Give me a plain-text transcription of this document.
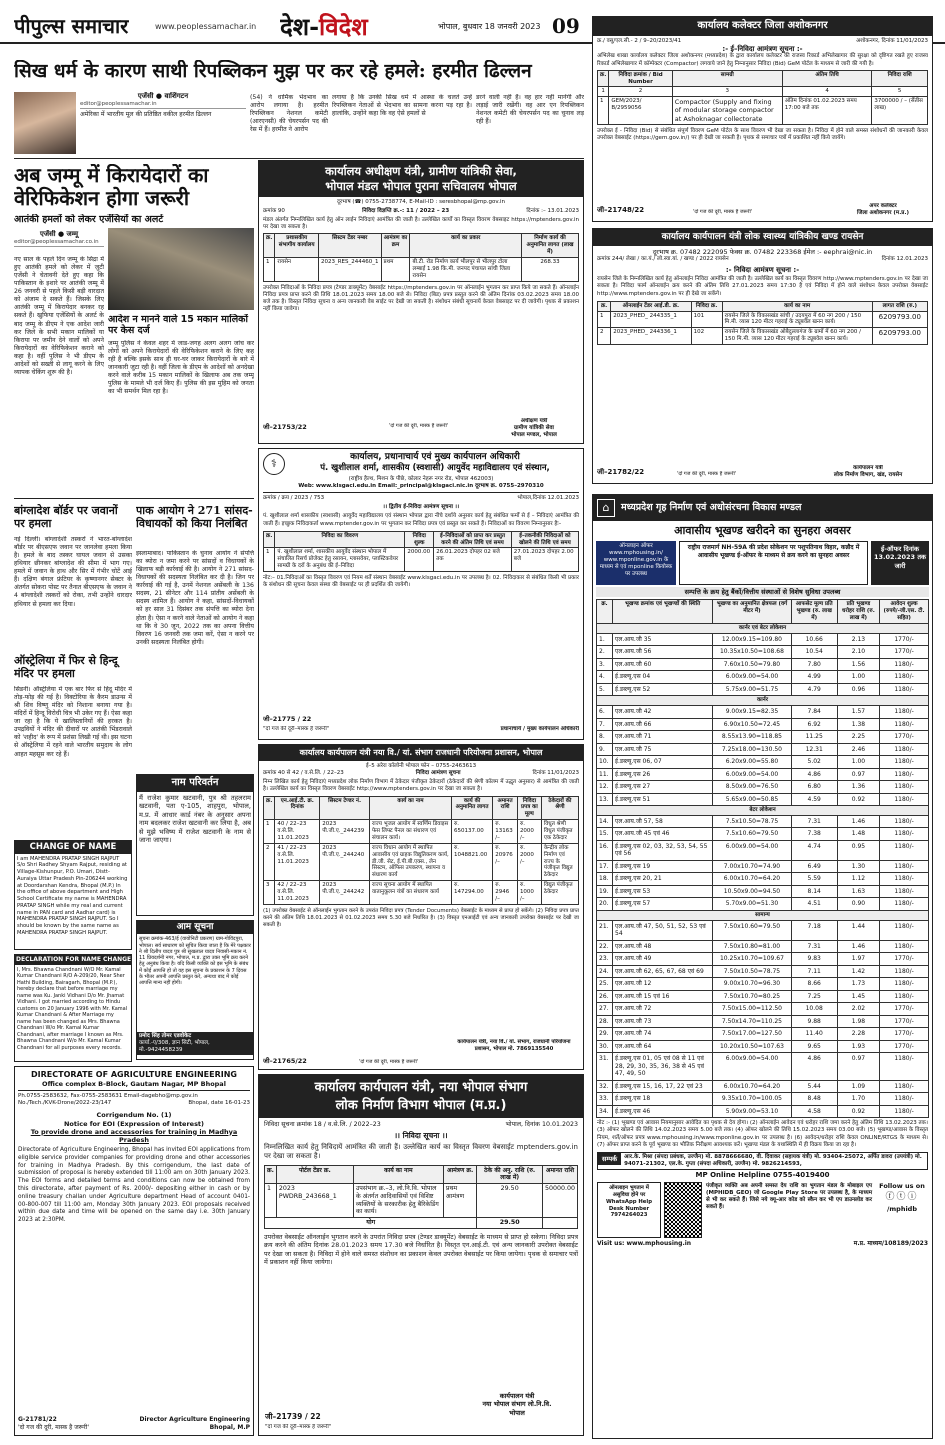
पीपुल्स समाचार	www.peoplessamachar.in देश-विदेश	भोपाल, बुधवार 18 जनवरी 2023 09
सिख धर्म के कारण साथी रिपब्लिकन मुझ पर कर रहे हमले: हरमीत ढिल्लन
एजेंसी ● वाशिंगटन
editor@peoplessamachar.in
अमेरिका में भारतीय मूल की प्रतिष्ठित वकील हरमीत ढिल्लन
(54) ने धार्मिक भेदभाव का आरोप लगाया है। हरमीत रिपब्लिकन नेशनल कमेटी (आरएनसी) की चेयरपर्सन पद की रेस में हैं। हरमीत ने आरोप
लगाया है कि उनकी सिख धर्म में आस्था के चलते उन्हें रिपब्लिकन नेताओं से भेदभाव का सामना करना पड़ रहा है। हालांकि, उन्होंने कहा कि वह ऐसे हमलों से
डरने वाली नहीं हैं। वह हार नहीं मानेंगी और लड़ाई जारी रखेंगी। वह आर एन रिपब्लिकन नेशनल कमेटी की चेयरपर्सन पद का चुनाव लड़ रही हैं।
अब जम्मू में किरायेदारों का वेरिफिकेशन होगा जरूरी
आतंकी हमलों को लेकर एजेंसियों का अलर्ट
एजेंसी ● जम्मू
editor@peoplessamachar.co.in
नए साल के पहले दिन जम्मू के सिद्रा में हुए आतंकी हमले को लेकर में जुटी एजेंसी ने चेतावनी देते हुए कहा कि पाकिस्तान के इशारे पर आतंकी जम्मू में 26 जनवरी से पहले किसी बड़ी वारदात को अंजाम दे सकते हैं। जिसके लिए आतंकी जम्मू में किरायेदार बनकर रह सकते हैं। खुफिया एजेंसियों के अलर्ट के बाद जम्मू के डीएम ने एक आदेश जारी कर जिले के सभी मकान मालिकों या किराया पर जमीन देने वालों को अपने किरायेदारों का वेरिफिकेशन कराने को कहा है। वहीं पुलिस ने भी डीएम के आदेशों को सख्ती से लागू करने के लिए व्यापक चेकिंग शुरू की है।
आदेश न मानने वाले 15 मकान मालिकों पर केस दर्ज
जम्मू पुलिस ने केवल शहर में जाड-जगह अलग अलग जांच कर लोगों को अपने किरायेदारों की वेरिफिकेशन कराने के लिए कह रही है बल्कि इसके साथ ही घर-घर जाकर किरायेदारों के बारे में जानकारी जुटा रही है। वहीं जिला के डीएम के आदेशों को अनदेखा करने वाले करीब 15 मकान मालिकों के खिलाफ अब तक जम्मू पुलिस के मामले भी दर्ज किए हैं। पुलिस की इस मुहिम को जनता का भी समर्थन मिल रहा है।
बांग्लादेश बॉर्डर पर जवानों पर हमला
नई दिल्ली। बांग्लादेशी तस्करों ने भारत-बांग्लादेश बॉर्डर पर बीएसएफ जवान पर जानलेवा हमला किया है। हमले के बाद तस्कर घायल जवान से उसका हथियार छीनकर बांग्लादेश की सीमा में भाग गए। हमले में जवान के हाथ और सिर में गंभीर चोटें आई हैं। दक्षिण बंगाल फ्रंटियर के कृष्णानगर सेक्टर के अंतर्गत सोकरा पोस्ट पर तैनात बीएसएफ के जवान ने 4 बांग्लादेशी तस्करों को रोका, तभी उन्होंने धारदार हथियार से हमला कर दिया।
ऑस्ट्रेलिया में फिर से हिन्दू मंदिर पर हमला
सिडनी। ऑस्ट्रेलिया में एक बार फिर से हिंदू मंदिर में तोड़-फोड़ की गई है। विक्टोरिया के कैरम डाउन्स में श्री शिव विष्णु मंदिर को निशाना बनाया गया है। मंदिरों में हिन्दू विरोधी चित्र भी उकेर गए हैं। ऐसा कहा जा रहा है कि ये खालिस्तानियों की हरकत है। उपद्रवियों ने मंदिर की दीवारों पर आतंकी भिंडरावाले को 'शहीद' के रूप में प्रशंसा लिखी गई थी। इस घटना से ऑस्ट्रेलिया में रहने वाले भारतीय समुदाय के लोग आहत महसूस कर रहे हैं।
पाक आयोग ने 271 सांसद-विधायकों को किया निलंबित
इस्लामाबाद। पाकिस्तान के चुनाव आयोग ने संपत्ति का ब्योरा न जमा करने पर सांसदों व विधायकों के खिलाफ बड़ी कार्रवाई की है। आयोग ने 271 सांसद-विधायकों की सदस्यता निलंबित कर दी है। जिन पर कार्रवाई की गई है, उनमें नेशनल असेंबली के 136 सदस्य, 21 सीनेटर और 114 प्रांतीय असेंबली के सदस्य शामिल हैं। आयोग ने कहा, सांसदों-विधायकों को हर साल 31 दिसंबर तक संपत्ति का ब्योरा देना होता है। ऐसा न करने वाले नेताओं को आयोग ने कहा था कि वे 30 जून, 2022 तक का अपना वित्तीय विवरण 16 जनवरी तक जमा करें, ऐसा न करने पर उनकी सदस्यता निलंबित होगी।
नाम परिवर्तन
मैं राजेश कुमार खटवानी, पुत्र श्री तहलराम खटवानी, पता ए-105, शाहपुरा, भोपाल, म.प्र. में आधार कार्ड नंबर के अनुसार अपना नाम बदलकर राजेश खटवानी कर लिया है, अब से मुझे भविष्य में राजेश खटवानी के नाम से जाना जाएगा।
आम सूचना
सूचना क्रमांक-463/ई (वायोनिटी प्रकरण) ग्राम-गोविंदपुरा, भोपाल। सर्व साधारण को सूचित किया जाता है कि मेरे पक्षकार ने श्री दिलीप यादव पुत्र श्री सुखलाल यादव निवासी-मकान नं. 11 प्रियदर्शनी नगर, भोपाल, म.प्र. द्वारा उक्त भूमि क्रय करने हेतु अनुबंध किया है। यदि किसी व्यक्ति को इस भूमि के संबंध में कोई आपत्ति हो तो वह इस सूचना के प्रकाशन के 7 दिवस के भीतर अपनी आपत्ति प्रस्तुत करे, अन्यथा बाद में कोई आपत्ति मान्य नहीं होगी।
प्रमोद सिंह तोमर एडवोकेट
कार्या.-ए/308, ज्ञान सिटी, भोपाल, मो.-9424458239
CHANGE OF NAME
I am MAHENDRA PRATAP SINGH RAJPUT S/o Shri Radhey Shyam Rajput, residing at Village-Kishunpur, P.O. Umari, Distt-Auraiya Uttar Pradesh Pin-206244 working at Doordarshan Kendra, Bhopal (M.P.) In the office of above department and High School Certificate my name is MAHENDRA PRATAP SINGH while my real and current name in PAN card and Aadhar card) is MAHENDRA PRATAP SINGH RAJPUT. So I should be known by the same name as MAHENDRA PRATAP SINGH RAJPUT.
DECLARATION FOR NAME CHANGE
I, Mrs. Bhawna Chandnani W/O Mr. Kamal Kumar Chandnani R/O A-209/20, Near Sher Hathi Building, Bairagarh, Bhopal (M.P.), hereby declare that before marriage my name was Ku. Janki Vidhani D/o Mr. Jhamat Vidhani. I got married according to Hindu customs on 20 January 1996 with Mr. Kamal Kumar Chandnani & After Marriage my name has been changed as Mrs. Bhawna Chandnani W/o Mr. Kamal Kumar Chandnani, after marriage I known as Mrs. Bhawna Chandnani W/o Mr. Kamal Kumar Chandnani for all purposes every records.
DIRECTORATE OF AGRICULTURE ENGINEERING
Office complex B-Block, Gautam Nagar, MP Bhopal
Ph.0755-2583632, Fax-0755-2583631 Email-dagebho@mp.gov.in
No./Tech./KVK-Drone/2022-23/147	Bhopal, date 16-01-23
Corrigendum No. (1)
Notice for EOI (Expression of Interest)
To provide drone and accessories for training in Madhya Pradesh
Directorate of Agriculture Engineering, Bhopal has invited EOI applications from eligible service provider companies for providing drone and other accessories for training in Madhya Pradesh. By this corrigendum, the last date of submission of proposal is hereby extended till 11:00 am on 30th January 2023. The EOI forms and detailed terms and conditions can now be obtained from this directorate, after payment of Rs. 2000/- depositing either in cash or by online treasury challan under Agriculture department Head of account 0401-00-800-007 till 11:00 am, Monday 30th January 2023. EOI proposals received within due date and time will be opened on the same day i.e. 30th January 2023 at 2:30PM.
G-21781/22
'दो गज की दूरी, मास्क है जरूरी'
Director Agriculture Engineering
Bhopal, M.P
कार्यालय अधीक्षण यंत्री, ग्रामीण यांत्रिकी सेवा,
भोपाल मंडल भोपाल पुराना सचिवालय भोपाल
दूरभाष (☎) 0755-2738774, E-Mail-ID : seresbhopal@mp.gov.in
क्रमांक 90	निविदा विज्ञप्ति क्र.-: 11 / 2022 – 23	दिनांक :– 13.01.2023
मंडल अंतर्गत निम्नलिखित कार्य हेतु ऑन लाईन निविदाएं आमंत्रित की जाती है। उल्लेखित कार्यों का विस्तृत विवरण वेबसाइट https://mptenders.gov.in पर देखा जा सकता है।
क्र.	प्रशासकीय संभागीय कार्यालय	सिस्टम टेंडर नम्बर	आमंत्रण का क्रम	कार्य का प्रकार	निर्माण कार्य की अनुमानित लागत (लाख में)
1	रायसेन	2023_RES_244460_1	प्रथम	बी.टी. रोड निर्माण कार्य भीलपुर से भीलपुर टोला लम्बाई 1.98 कि.मी. जनपद पंचायत सांची जिला रायसेन	268.33
उपरोक्त निविदाओं के निविदा प्रपत्र (टेण्डर डाक्यूमेंट) वेबसाईट https://mptenders.gov.in पर ऑनलाईन भुगतान कर प्राप्त किये जा सकते हैं। ऑनलाईन निविदा प्रपत्र प्राप्त करने की तिथि 18.01.2023 समय 18.00 बजे से। निविदा (बिड) प्रपत्र प्रस्तुत करने की अंतिम दिनांक 03.02.2023 समय 18.00 बजे तक है। विस्तृत निविदा सूचना व अन्य जानकारी वेब साईट पर देखी जा सकती है। संशोधन संबंधी सूचनायें केवल वेबसाइट पर दी जावेगी। पृथक से प्रकाशन नहीं किया जावेगा।
जी–21753/22	'दो गज की दूरी, मास्क है जरूरी'
अधीक्षण यंत्री
ग्रामीण यांत्रिकी सेवा
भोपाल मण्डल, भोपाल
⚕	कार्यालय, प्रधानाचार्य एवं मुख्य कार्यपालन अधिकारी
पं. खुशीलाल शर्मा, शासकीय (स्वशासी) आयुर्वेद महाविद्यालय एवं संस्थान,
(राष्ट्रीय हैल्थ, मिशन के पीछे, कोलार नेहरू नगर रोड, भोपाल 462003)
Web: www.klsgaci.edu.in Email:_principal@klsgaci.nic.in दूरभाष क्र. 0755–2970310
क्रमांक / क्रय / 2023 / 753	भोपाल,दिनांक 12.01.2023
।। द्वितीय ई-निविदा आमंत्रण सूचना ।।
पं. खुशीलाल शर्मा शासकीय (स्वशासी) आयुर्वेद महाविद्यालय एवं संस्थान भोपाल द्वारा नीचे दर्शाये अनुसार कार्य हेतु संबंधित फर्मों से ई – निविदाएं आमंत्रित की जाती हैं। इच्छुक निविदाकर्ता www.mptender.gov.in पर भुगतान कर निविदा प्रपत्र एवं प्रस्तुत कर सकते हैं। निविदाओं का विवरण निम्नानुसार हैः–
क्र.	निविदा का विवरण	निविदा शुल्क	ई–निविदाओं को प्राप्त कर प्रस्तुत करने की अंतिम तिथि एवं समय	ई–तकनीकी निविदाओं को खोलने की तिथि एवं समय
1	पं. खुशीलाल शर्मा, शासकीय आयुर्वेद संस्थान भोपाल में संचालित रिसर्च प्रोजेक्ट हेतु रसायन, ग्लासवेयर, प्लास्टिकवेयर सामग्री के दरों के अनुबंध की ई–निविदा	2000.00	26.01.2023 दोपहर 02 बजे तक	27.01.2023 दोपहर 2.00 बजे
नोट:– 01.निविदाओं का विस्तृत विवरण एवं नियम शर्तें संस्थान वेबसाईट www.klsgaci.edu.in पर उपलब्ध है। 02. निविदाकार से संबंधित किसी भी प्रकार के संशोधन की सूचना केवल संस्था की वेबसाईट पर ही प्रदर्शित की जायेगी।
जी–21775 / 22
"दो गज की दूरी–मास्क है जरूरी"	प्रधानाचार्य / मुख्य कार्यपालन अधिकारी
कार्यालय कार्यपालन यंत्री नया वि./ यां. संभाग राजधानी परियोजना प्रशासन, भोपाल
ई–5 अरेरा कॉलोनी भोपाल फोन – 0755-2463613
क्रमांक 40 से 42 / व.से.लि. / 22–23	निविदा आमंत्रण सूचना	दिनांक 11/01/2023
निम्न लिखित कार्य हेतु निविदाएं मध्यप्रदेश लोक निर्माण विभाग में ठेकेदार पंजीकृत ठेकेदारों (ठेकेदारों की श्रेणी कॉलम में उद्धृत अनुसार) से आमंत्रित की जाती है। उल्लेखित कार्य का विस्तृत विवरण वेबसाईट http://www.mptenders.gov.in पर देखा जा सकता है।
क्र.	एन.आई.टी. क्र. दिनांक	सिस्टम टेण्डर नं.	कार्य का नाम	कार्य की अनुमानित लागत	अमानत राशि	निविदा प्रपत्र का मूल्य	ठेकेदारों की श्रेणी
1	40 / 22–23 व.से.लि. 11.01.2023	2023 पी.जी.ए._244239	राज्य भूजल आयोग में स्वर्णिम डिवाइस फेस लिफ्ट पैनल का संधारण एवं संचालन कार्य।	रु. 650137.00	रु. 13163 /–	रु. 2000 /–	विधुत श्रेणी विधुत पंजीकृत एक ठेकेदार
2	41 / 22–23 व.से.लि. 11.01.2023	2023 पी.जी.ए._244240	राज्य विधान आयोग में स्थापित आवासीय एवं ग्राहक विद्युतिकरण कार्य, डी.जी. सेट, ई.पी.बी.एक्स., लेन सिस्टम, ऑफिस उपकरण, स्थापना व संधारण कार्य	रु. 1048821.00	रु. 20976 /–	रु. 2000 /–	केन्द्रीय लोक निर्माण एवं राज्य के पंजीकृत विद्युत ठेकेदार
3	42 / 22–23 व.से.लि. 11.01.2023	2023 पी.जी.ए._244242	राज्य सूचना आयोग में स्थापित वातानुकूलन यंत्रों का संधारण कार्य	रु. 147294.00	रु. 2946 /–	रु. 1000 /–	विद्युत पंजीकृत ठेकेदार
(1) उपरोक्त वेबसाईट से ऑनलाईन भुगतान करने के उपरांत निविदा प्रपत्र (Tender Documents) वेबसाईट के माध्यम से प्राप्त हो सकेंगे। (2) निविदा प्रपत्र प्राप्त करने की अंतिम तिथि 18.01.2023 से 01.02.2023 समय 5.30 बजे निर्धारित है। (3) विस्तृत एनआईटी एवं अन्य जानकारी उपरोक्त वेबसाईट पर देखी जा सकती है।
कार्यपालन यंत्री, नया वि./ यां. संभाग, राजधानी परियोजना प्रशासन, भोपाल मो. 7869135540
जी–21765/22	'दो गज की दूरी, मास्क है जरूरी'
कार्यालय कार्यपालन यंत्री, नया भोपाल संभाग
लोक निर्माण विभाग भोपाल (म.प्र.)
निविदा सूचना क्रमांक 18 / व.से.लि. / 2022–23	भोपाल, दिनांक 10.01.2023
।। निविदा सूचना ।।
निम्नलिखित कार्य हेतु निविदायें आमंत्रित की जाती हैं। उल्लेखित कार्य का विस्तृत विवरण वेबसाईट mptenders.gov.in पर देखा जा सकता है।
क्र.	पोर्टल टेंडर क्र.	कार्य का नाम	आमंत्रण क्र.	ठेके की अनु. राशि (रु. लाख में)	अमानत राशि
1	2023 PWDRB_243668_1	उपसंभाग क्र.–3, लो.नि.वि. भोपाल के अंतर्गत आदिवासियों एवं विशिष्ट व्यक्तियों के सरकारीक हेतु बैरिकेडिंग का कार्य।	प्रथम आमंत्रण	29.50	50000.00
योग				29.50	
उपरोक्त वेबसाईट ऑनलाईन भुगतान करने के उपरांत निविदा प्रपत्र (टेण्डर डाक्यूमेंट) वेबसाईट के माध्यम से प्राप्त हो सकेगा। निविदा प्रपत्र क्रय करने की अंतिम दिनांक 28.01.2023 समय 17.30 बजे निर्धारित है। विस्तृत एन.आई.टी. एवं अन्य जानकारी उपरोक्त वेबसाईट पर देखा जा सकता है। निविदा में होने वाले समस्त संशोधन का प्रकाशन केवल उपरोक्त वेबसाईट पर किया जायेगा। पृथक से समाचार पत्रों में प्रकाशन नहीं किया जायेगा।
कार्यपालन यंत्री
नया भोपाल संभाग लो.नि.वि.
भोपाल
जी–21739 / 22
"दो गज की दूरी–मास्क है जरूरी"
कार्यालय कलेक्टर जिला अशोकनगर
क्र./ वसु/एल.सी.- 2 / 9–20/2023/41	अशोकनगर, दिनांक 11/01/2023
:- ई–निविदा आमंत्रण सूचना :-
अभिलेख शाखा कार्यालय कलेक्टर जिला अशोकनगर (मध्यप्रदेश) के द्वारा कार्यालय कलेक्टर की राजस्व रिकार्ड अभिलेखागार की सुरक्षा को दृष्टिगत रखते हुए राजस्व रिकार्ड अभिलेखागार में कॉम्पेक्टर (Compactor) लगवाये जाने हेतु निम्नानुसार निविदा (Bid) GeM पोर्टल के माध्यम से जारी की गयी है।
क्र.	निविदा क्रमांक / Bid Number	सामग्री	अंतिम तिथि	निविदा राशि
1	2	3	4	5
1	GEM/2023/ B/2959056	Compactor (Supply and fixing of modular storage compactor at Ashoknagar collectorate	अंतिम दिनांक 01.02.2023 समय 17:00 बजे तक	3700000 / – (सैंतीस लाख)
उपरोक्त ई - निविदा (Bid) से संबंधित संपूर्ण विवरण GeM पोर्टल के साथ विवरण भी देखा जा सकता है। निविदा में होने वाले समस्त संशोधनों की जानकारी केवल उपरोक्त वेबसाईट (https://gem.gov.in/) पर ही देखी जा सकती है। पृथक से समाचार पत्रों में प्रकाशित नहीं किये जायेंगे।
जी–21748/22	'दो गज की दूरी, मास्क है जरूरी'
अपर कलेक्टर
जिला अशोकनगर (म.प्र.)
कार्यालय कार्यपालन यंत्री लोक स्वास्थ्य यांत्रिकीय खण्ड रायसेन
दूरभाष क्र. 07482 222095 फेक्स क्र. 07482 223368 ईमेल :- eephrai@nic.in
क्रमांक 244/ लेखा / का.यं./ लो.स्वा.यां. / खण्ड / 2022 रायसेन	दिनांक 12.01.2023
:- निविदा आमंत्रण सूचना :-
रायसेन जिले के निम्नलिखित कार्य हेतु ऑनलाईन निविदा आमंत्रित की जाती है। उल्लेखित कार्य का विस्तृत विवरण http://www.mptenders.gov.in पर देखा जा सकता है। निविदा फार्म ऑनलाईन क्रय करने की अंतिम तिथि 27.01.2023 समय 17:30 है एवं निविदा में होने वाले संशोधन केवल उपरोक्त वेबसाईट http://www.mptenders.gov.in पर ही देखे जा सकेंगे।
क्र.	ऑनलाईन टेंडर आई.डी. क्र.	निविदा क्र.	कार्य का नाम	लागत राशि (रु.)
1	2023_PHED_ 244335_1	101	रायसेन जिले के विकासखंड सांची / उदयपुरा में 60 नग 200 / 150 मि.मी. व्यास 120 मीटर गहराई के ट्यूबवेल खनन कार्य।	6209793.00
2	2023_PHED_ 244336_1	102	रायसेन जिले के विकासखंड ओबैदुल्लागंज के ग्रामों में 60 नग 200 / 150 मि.मी. व्यास 120 मीटर गहराई के ट्यूबवेल खनन कार्य।	6209793.00
जी–21782/22	'दो गज की दूरी, मास्क है जरूरी'
कार्यपालन यंत्री
लोक निर्माण विभाग, खंड, रायसेन
⌂	मध्यप्रदेश गृह निर्माण एवं अधोसंरचना विकास मण्डल
आवासीय भूखण्ड खरीदने का सुनहरा अवसर
ऑनलाइन ऑफर www.mphousing.in/ www.mponline.gov.in के माध्यम से एवं mponline कियोस्क पर उपलब्ध
राष्ट्रीय राजमार्ग NH-59A की प्रदेश सोकेशन पर पशुपतिनाथ विहार, कन्नौद में आवासीय भूखण्ड ई-ऑफर के माध्यम से क्रय करने का सुनहरा अवसर
ई-ऑफर दिनांक 13.02.2023 तक जारी
सम्पत्ति के क्रय हेतु बैंकों/वित्तीय संस्थाओं से विशेष सुविधा उपलब्ध
क्र.	भूखण्ड क्रमांक एवं भूखण्डों की स्थिति	भूखण्ड का अनुमानित क्षेत्रफल (वर्ग मीटर में)	आफसेट मूल्य प्रति भूखण्ड (रु. लाख में)	प्रति भूखण्ड धरोहर राशि (रु. लाख में)	आवेदन शुल्क (रुपये/-जी.एस. टी. सहित)
कार्नर एवं बेटर लोकेशन					
1.	एल.आय.जी 35	12.00x9.15=109.80	10.66	2.13	1770/-
2.	एल.आय.जी 56	10.35x10.50=108.68	10.54	2.10	1770/-
3.	एल.आय.जी 60	7.60x10.50=79.80	7.80	1.56	1180/-
4.	ई.डब्ल्यू.एस 04	6.00x9.00=54.00	4.99	1.00	1180/-
5.	ई.डब्ल्यू.एस 52	5.75x9.00=51.75	4.79	0.96	1180/-
कार्नर					
6.	एल.आय.जी 42	9.00x9.15=82.35	7.84	1.57	1180/-
7.	एल.आय.जी 66	6.90x10.50=72.45	6.92	1.38	1180/-
8.	एल.आय.जी 71	8.55x13.90=118.85	11.25	2.25	1770/-
9.	एल.आय.जी 75	7.25x18.00=130.50	12.31	2.46	1180/-
10.	ई.डब्ल्यू.एस 06, 07	6.20x9.00=55.80	5.02	1.00	1180/-
11.	ई.डब्ल्यू.एस 26	6.00x9.00=54.00	4.86	0.97	1180/-
12.	ई.डब्ल्यू.एस 27	8.50x9.00=76.50	6.80	1.36	1180/-
13.	ई.डब्ल्यू.एस 51	5.65x9.00=50.85	4.59	0.92	1180/-
बेटर लोकेशन					
14.	एल.आय.जी 57, 58	7.5x10.50=78.75	7.31	1.46	1180/-
15.	एल.आय.जी 45 एवं 46	7.5x10.60=79.50	7.38	1.48	1180/-
16.	ई.डब्ल्यू.एस 02, 03, 32, 53, 54, 55 एवं 56	6.00x9.00=54.00	4.74	0.95	1180/-
17.	ई.डब्ल्यू.एस 19	7.00x10.70=74.90	6.49	1.30	1180/-
18.	ई.डब्ल्यू.एस 20, 21	6.00x10.70=64.20	5.59	1.12	1180/-
19.	ई.डब्ल्यू.एस 53	10.50x9.00=94.50	8.14	1.63	1180/-
20.	ई.डब्ल्यू.एस 57	5.70x9.00=51.30	4.51	0.90	1180/-
सामान्य					
21.	एल.आय.जी 47, 50, 51, 52, 53 एवं 54	7.50x10.60=79.50	7.18	1.44	1180/-
22.	एल.आय.जी 48	7.50x10.80=81.00	7.31	1.46	1180/-
23.	एल.आय.जी 49	10.25x10.70=109.67	9.83	1.97	1770/-
24.	एल.आय.जी 62, 65, 67, 68 एवं 69	7.50x10.50=78.75	7.11	1.42	1180/-
25.	एल.आय.जी 12	9.00x10.70=96.30	8.66	1.73	1180/-
26.	एल.आय.जी 15 एवं 16	7.50x10.70=80.25	7.25	1.45	1180/-
27.	एल.आय.जी 72	7.50x15.00=112.50	10.08	2.02	1770/-
28.	एल.आय.जी 73	7.50x14.70=110.25	9.88	1.98	1770/-
29.	एल.आय.जी 74	7.50x17.00=127.50	11.40	2.28	1770/-
30.	एल.आय.जी 64	10.20x10.50=107.63	9.65	1.93	1770/-
31.	ई.डब्ल्यू.एस 01, 05 एवं 08 से 11 एवं 28, 29, 30, 35, 36, 38 से 45 एवं 47, 49, 50	6.00x9.00=54.00	4.86	0.97	1180/-
32.	ई.डब्ल्यू.एस 15, 16, 17, 22 एवं 23	6.00x10.70=64.20	5.44	1.09	1180/-
33.	ई.डब्ल्यू.एस 18	9.35x10.70=100.05	8.48	1.70	1180/-
34.	ई.डब्ल्यू.एस 46	5.90x9.00=53.10	4.58	0.92	1180/-
नोट :- (1) भूखण्ड एवं आवास नियमानुसार आवेदित का पृथक से देय होगा। (2) ऑनलाईन आवेदन एवं धरोहर राशि जमा करने हेतु अंतिम तिथि 13.02.2023 तक। (3) ऑफर खोलने की तिथि 14.02.2023 समय 5.00 बजे तक। (4) ऑफर खोलने की तिथि 15.02.2023 समय 03.00 बजे। (5) भूखण्ड/आवास के विस्तृत नियम, शर्तें/ऑफर प्रपत्र www.mphousing.in/www.mponline.gov.in पर उपलब्ध है। (6) आवेदन/धरोहर राशि केवल ONLINE/RTGS के माध्यम से। (7) ऑफर प्राप्त करने के पूर्व भूखण्ड का भौतिक निरीक्षण आवश्यक करें। भूखण्ड मंडल के यथास्थिति में ही विक्रय किया जा रहा है।
सम्पर्क	आर.के. मिश्रा (संपदा प्रबंधक, उज्जैन) मो. 8878666680, वी. दिवाकर (सहायक यंत्री) मो. 93404-25072, अर्पित डावरा (उपयंत्री) मो. 94071-21302, एल.के. गुप्ता (संपदा अधिकारी, उज्जैन) मो. 9826214593,
MP Online Helpline 0755-4019400
ऑनलाइन भुगतान में असुविधा होने पर WhatsApp Help Desk Number 7974264023
पंजीकृत व्यक्ति अब अपनी समस्त देय राशि का भुगतान मंडल के मोबाइल एप (MPHIDB_GEO) जो Google Play Store पर उपलब्ध है, के माध्यम से भी कर सकते हैं। जिसे नये क्यू-आर कोड को स्कैन कर भी एप डाउनलोड कर सकते हैं।
Follow us on
ⓕⓣⓘ
/mphidb
Visit us: www.mphousing.in	म.प्र. माध्यम/108189/2023
